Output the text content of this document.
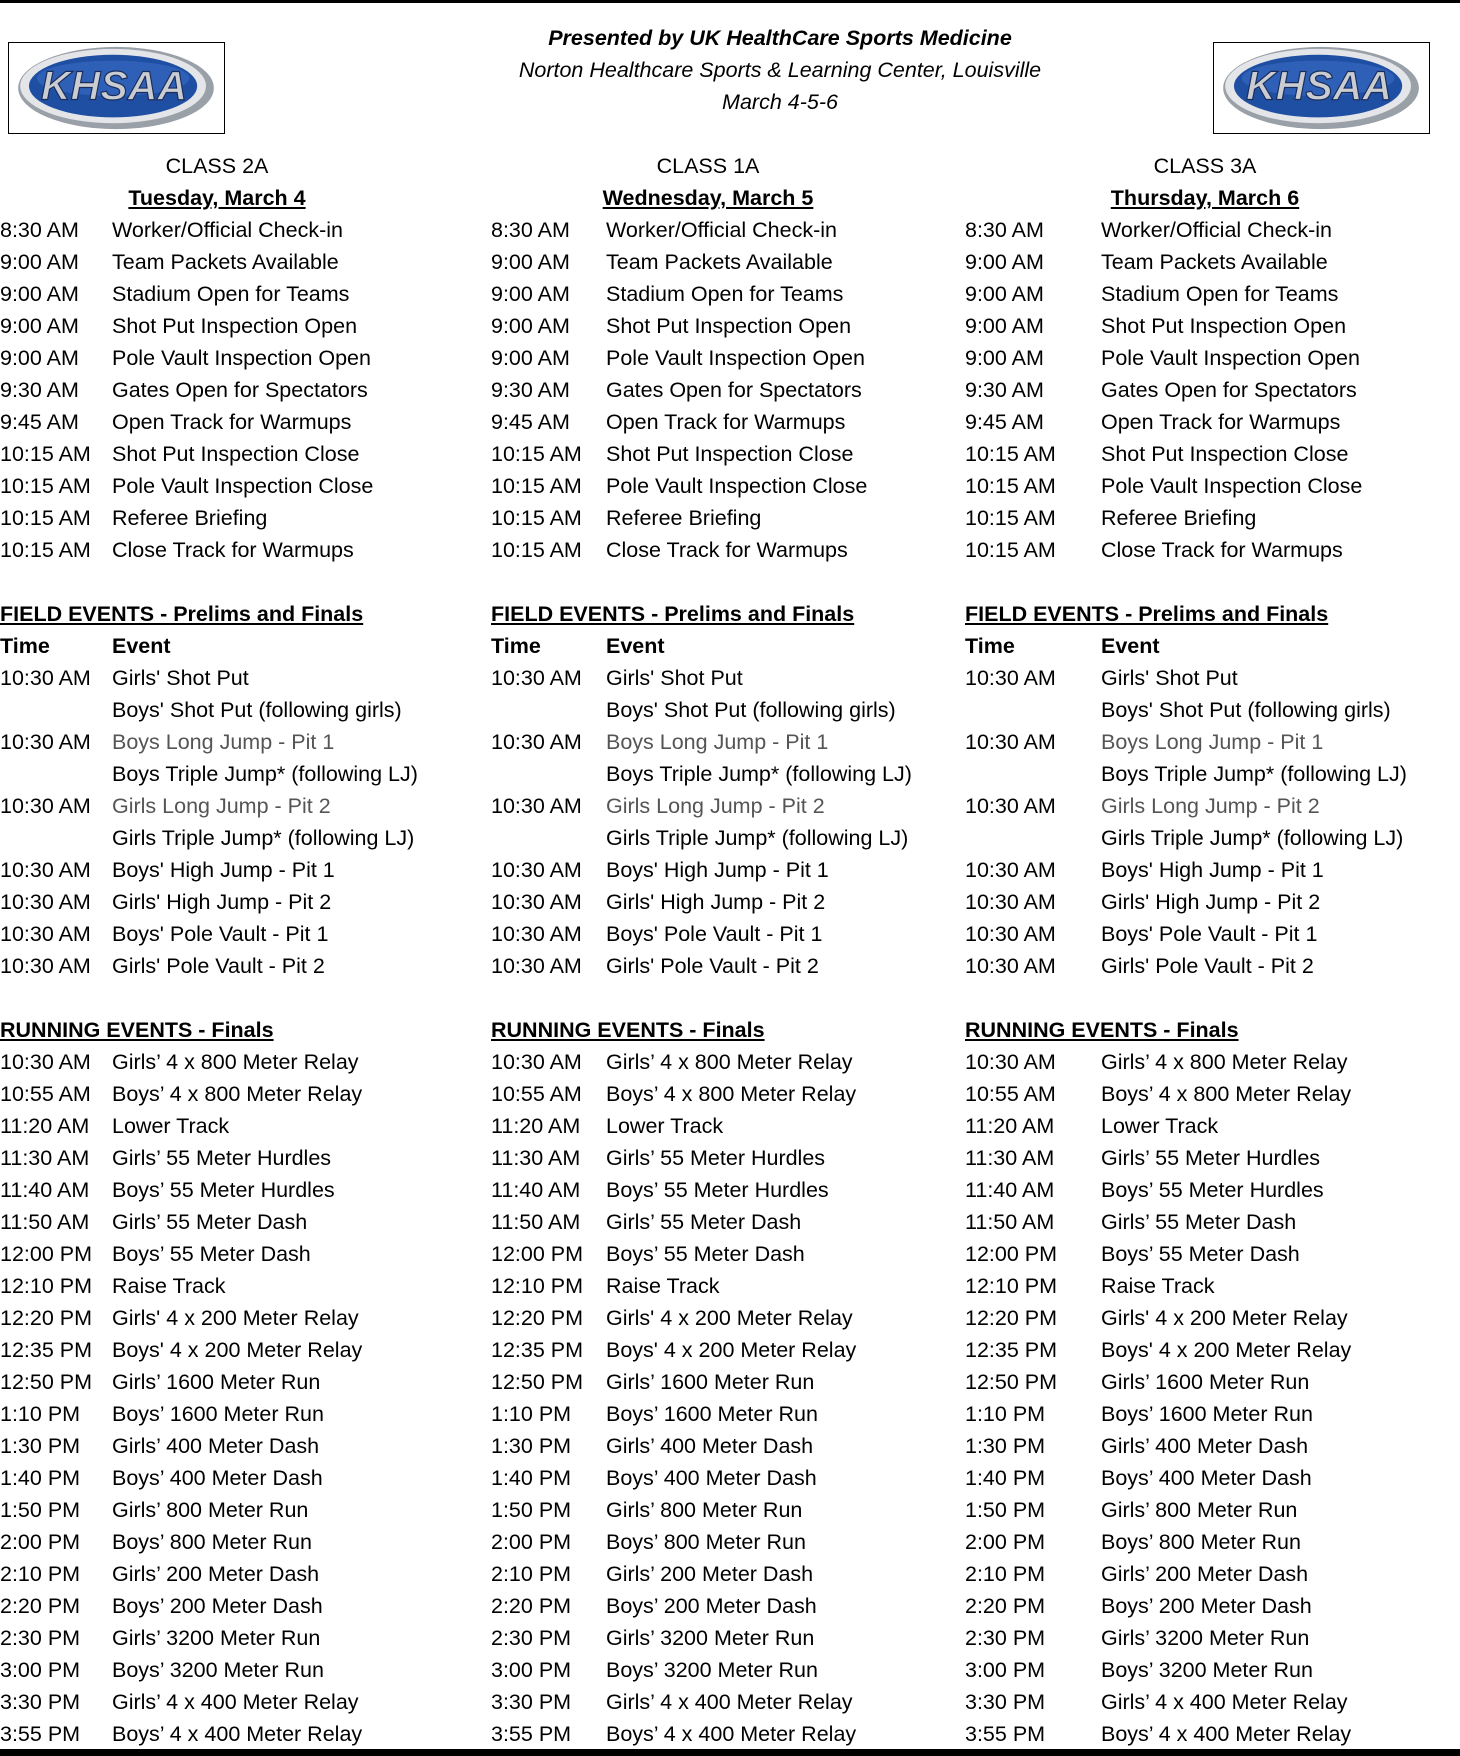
KHSAA	KHSAA
Presented by UK HealthCare Sports Medicine
Norton Healthcare Sports & Learning Center, Louisville
March 4-5-6
CLASS 2A
Tuesday, March 4
8:30 AM Worker/Official Check-in
9:00 AM Team Packets Available
9:00 AM Stadium Open for Teams
9:00 AM Shot Put Inspection Open
9:00 AM Pole Vault Inspection Open
9:30 AM Gates Open for Spectators
9:45 AM Open Track for Warmups
10:15 AM Shot Put Inspection Close
10:15 AM Pole Vault Inspection Close
10:15 AM Referee Briefing
10:15 AM Close Track for Warmups
FIELD EVENTS - Prelims and Finals
Time	Event
10:30 AM Girls' Shot Put
Boys' Shot Put (following girls)
10:30 AM Boys Long Jump - Pit 1
Boys Triple Jump* (following LJ)
10:30 AM Girls Long Jump - Pit 2
Girls Triple Jump* (following LJ)
10:30 AM Boys' High Jump - Pit 1
10:30 AM Girls' High Jump - Pit 2
10:30 AM Boys' Pole Vault - Pit 1
10:30 AM Girls' Pole Vault - Pit 2
RUNNING EVENTS - Finals
10:30 AM Girls’ 4 x 800 Meter Relay
10:55 AM Boys’ 4 x 800 Meter Relay
11:20 AM Lower Track
11:30 AM Girls’ 55 Meter Hurdles
11:40 AM Boys’ 55 Meter Hurdles
11:50 AM Girls’ 55 Meter Dash
12:00 PM Boys’ 55 Meter Dash
12:10 PM Raise Track
12:20 PM Girls' 4 x 200 Meter Relay
12:35 PM Boys' 4 x 200 Meter Relay
12:50 PM Girls’ 1600 Meter Run
1:10 PM Boys’ 1600 Meter Run
1:30 PM Girls’ 400 Meter Dash
1:40 PM Boys’ 400 Meter Dash
1:50 PM Girls’ 800 Meter Run
2:00 PM Boys’ 800 Meter Run
2:10 PM Girls’ 200 Meter Dash
2:20 PM Boys’ 200 Meter Dash
2:30 PM Girls’ 3200 Meter Run
3:00 PM Boys’ 3200 Meter Run
3:30 PM Girls’ 4 x 400 Meter Relay
3:55 PM Boys’ 4 x 400 Meter Relay
CLASS 1A
Wednesday, March 5
8:30 AM Worker/Official Check-in
9:00 AM Team Packets Available
9:00 AM Stadium Open for Teams
9:00 AM Shot Put Inspection Open
9:00 AM Pole Vault Inspection Open
9:30 AM Gates Open for Spectators
9:45 AM Open Track for Warmups
10:15 AM Shot Put Inspection Close
10:15 AM Pole Vault Inspection Close
10:15 AM Referee Briefing
10:15 AM Close Track for Warmups
FIELD EVENTS - Prelims and Finals
Time	Event
10:30 AM Girls' Shot Put
Boys' Shot Put (following girls)
10:30 AM Boys Long Jump - Pit 1
Boys Triple Jump* (following LJ)
10:30 AM Girls Long Jump - Pit 2
Girls Triple Jump* (following LJ)
10:30 AM Boys' High Jump - Pit 1
10:30 AM Girls' High Jump - Pit 2
10:30 AM Boys' Pole Vault - Pit 1
10:30 AM Girls' Pole Vault - Pit 2
RUNNING EVENTS - Finals
10:30 AM Girls’ 4 x 800 Meter Relay
10:55 AM Boys’ 4 x 800 Meter Relay
11:20 AM Lower Track
11:30 AM Girls’ 55 Meter Hurdles
11:40 AM Boys’ 55 Meter Hurdles
11:50 AM Girls’ 55 Meter Dash
12:00 PM Boys’ 55 Meter Dash
12:10 PM Raise Track
12:20 PM Girls' 4 x 200 Meter Relay
12:35 PM Boys' 4 x 200 Meter Relay
12:50 PM Girls’ 1600 Meter Run
1:10 PM Boys’ 1600 Meter Run
1:30 PM Girls’ 400 Meter Dash
1:40 PM Boys’ 400 Meter Dash
1:50 PM Girls’ 800 Meter Run
2:00 PM Boys’ 800 Meter Run
2:10 PM Girls’ 200 Meter Dash
2:20 PM Boys’ 200 Meter Dash
2:30 PM Girls’ 3200 Meter Run
3:00 PM Boys’ 3200 Meter Run
3:30 PM Girls’ 4 x 400 Meter Relay
3:55 PM Boys’ 4 x 400 Meter Relay
CLASS 3A
Thursday, March 6
8:30 AM	Worker/Official Check-in
9:00 AM	Team Packets Available
9:00 AM	Stadium Open for Teams
9:00 AM	Shot Put Inspection Open
9:00 AM	Pole Vault Inspection Open
9:30 AM	Gates Open for Spectators
9:45 AM	Open Track for Warmups
10:15 AM Shot Put Inspection Close
10:15 AM Pole Vault Inspection Close
10:15 AM Referee Briefing
10:15 AM Close Track for Warmups
FIELD EVENTS - Prelims and Finals
Time	Event
10:30 AM Girls' Shot Put
Boys' Shot Put (following girls)
10:30 AM Boys Long Jump - Pit 1
Boys Triple Jump* (following LJ)
10:30 AM Girls Long Jump - Pit 2
Girls Triple Jump* (following LJ)
10:30 AM Boys' High Jump - Pit 1
10:30 AM Girls' High Jump - Pit 2
10:30 AM Boys' Pole Vault - Pit 1
10:30 AM Girls' Pole Vault - Pit 2
RUNNING EVENTS - Finals
10:30 AM Girls’ 4 x 800 Meter Relay
10:55 AM Boys’ 4 x 800 Meter Relay
11:20 AM Lower Track
11:30 AM Girls’ 55 Meter Hurdles
11:40 AM Boys’ 55 Meter Hurdles
11:50 AM Girls’ 55 Meter Dash
12:00 PM Boys’ 55 Meter Dash
12:10 PM Raise Track
12:20 PM Girls' 4 x 200 Meter Relay
12:35 PM Boys' 4 x 200 Meter Relay
12:50 PM Girls’ 1600 Meter Run
1:10 PM	Boys’ 1600 Meter Run
1:30 PM	Girls’ 400 Meter Dash
1:40 PM	Boys’ 400 Meter Dash
1:50 PM	Girls’ 800 Meter Run
2:00 PM	Boys’ 800 Meter Run
2:10 PM	Girls’ 200 Meter Dash
2:20 PM	Boys’ 200 Meter Dash
2:30 PM	Girls’ 3200 Meter Run
3:00 PM	Boys’ 3200 Meter Run
3:30 PM	Girls’ 4 x 400 Meter Relay
3:55 PM	Boys’ 4 x 400 Meter Relay
